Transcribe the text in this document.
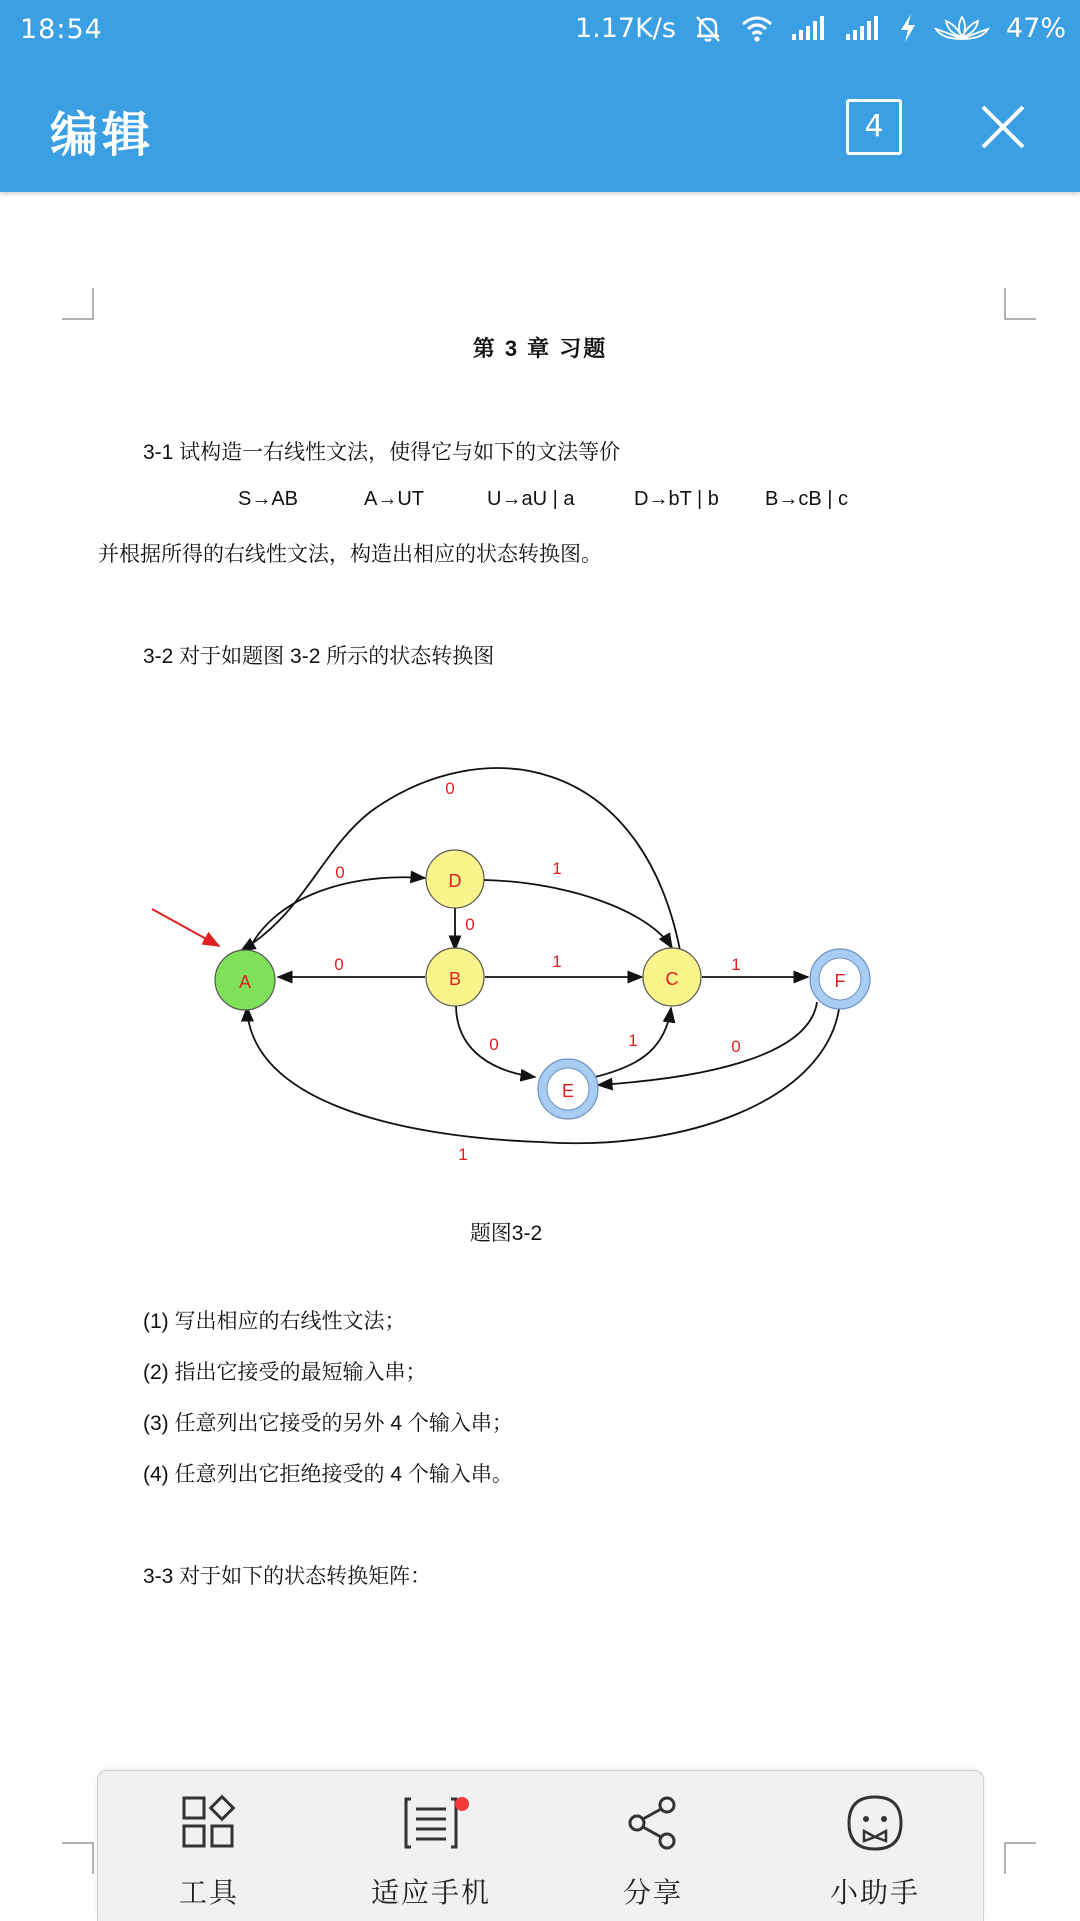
18:54	1.17K/s	47%
编辑	4
第 3 章 习题
3-1 试构造一右线性文法，使得它与如下的文法等价
S→AB	A→UT	U→aU | a	D→bT | b B→cB | c
并根据所得的右线性文法，构造出相应的状态转换图。
3-2 对于如题图 3-2 所示的状态转换图
A
D
B	C	F
E
0
0	1
0
0	1	1
0	1	0
1
题图3-2
(1) 写出相应的右线性文法；
(2) 指出它接受的最短输入串；
(3) 任意列出它接受的另外 4 个输入串；
(4) 任意列出它拒绝接受的 4 个输入串。
3-3 对于如下的状态转换矩阵：
工具	适应手机	分享	小助手
